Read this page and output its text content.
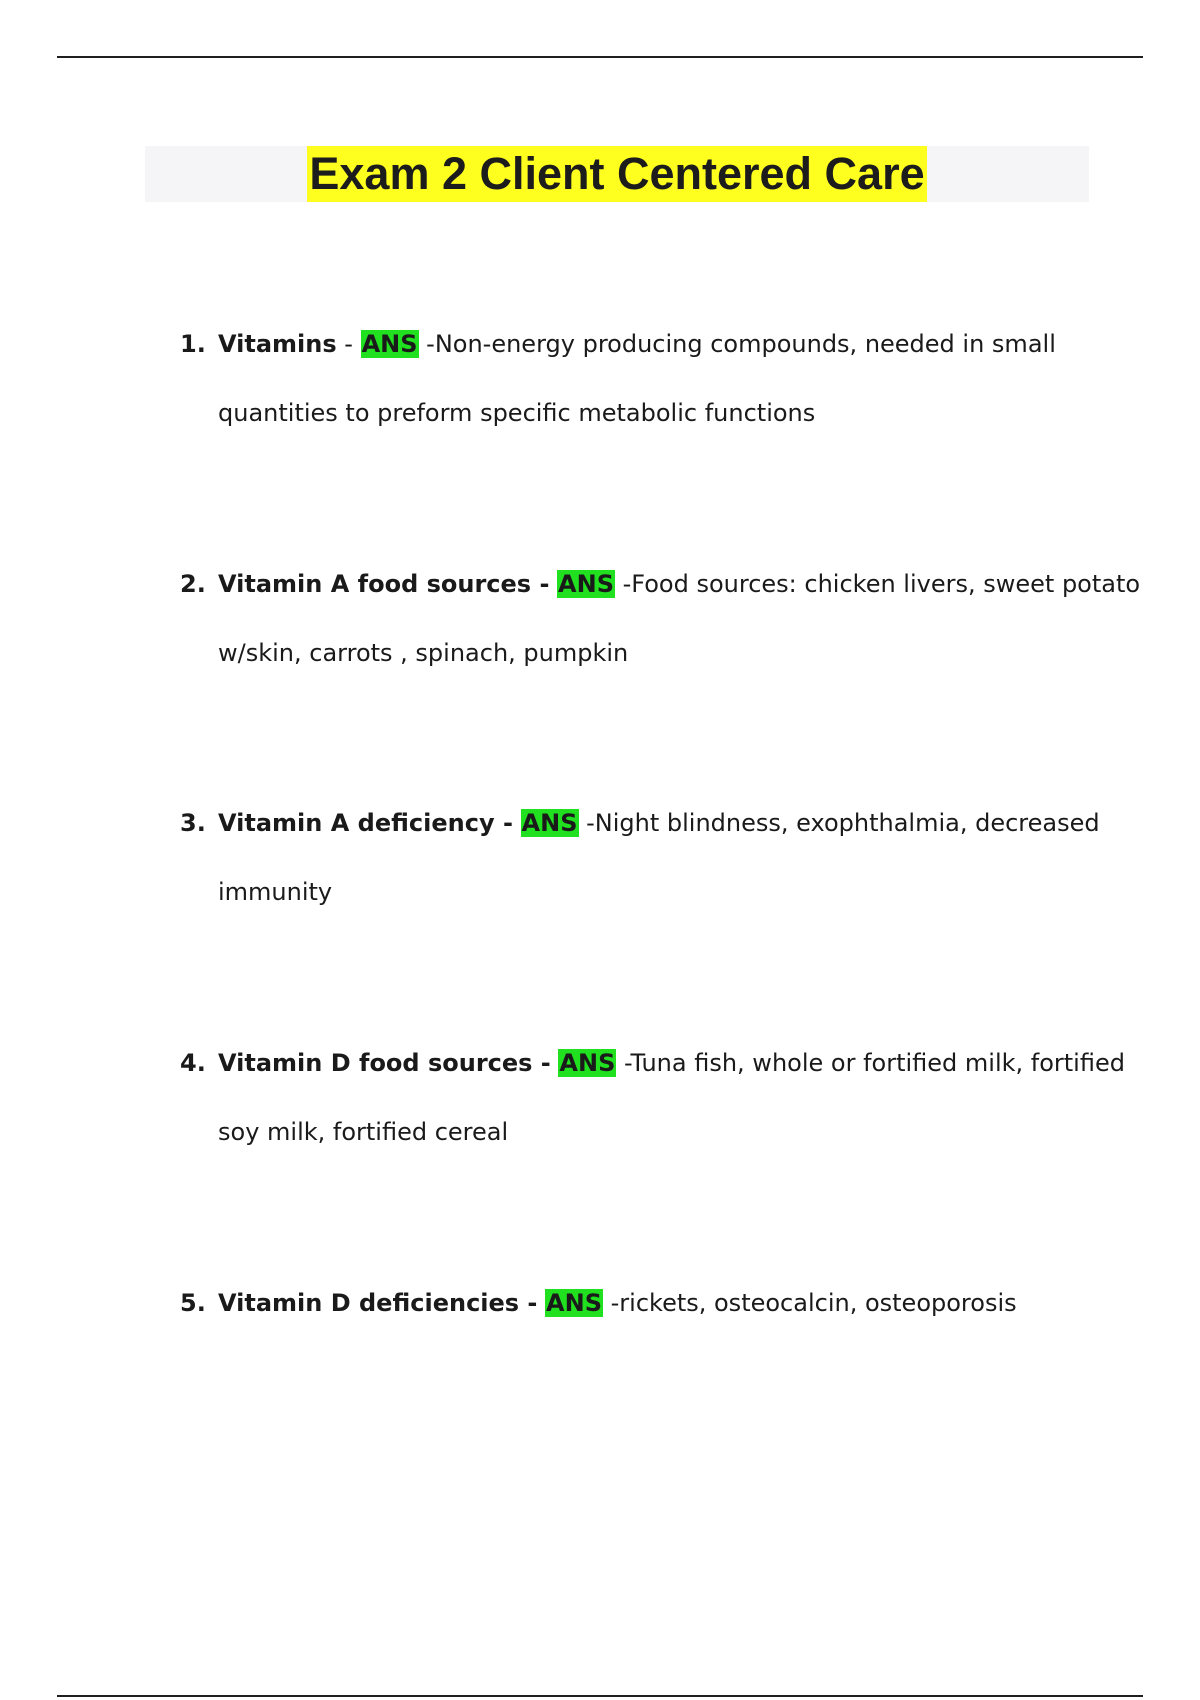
Exam 2 Client Centered Care
1. Vitamins - ANS -Non-energy producing compounds, needed in small
quantities to preform specific metabolic functions
2. Vitamin A food sources - ANS -Food sources: chicken livers, sweet potato
w/skin, carrots , spinach, pumpkin
3. Vitamin A deficiency - ANS -Night blindness, exophthalmia, decreased
immunity
4. Vitamin D food sources - ANS -Tuna fish, whole or fortified milk, fortified
soy milk, fortified cereal
5. Vitamin D deficiencies - ANS -rickets, osteocalcin, osteoporosis
